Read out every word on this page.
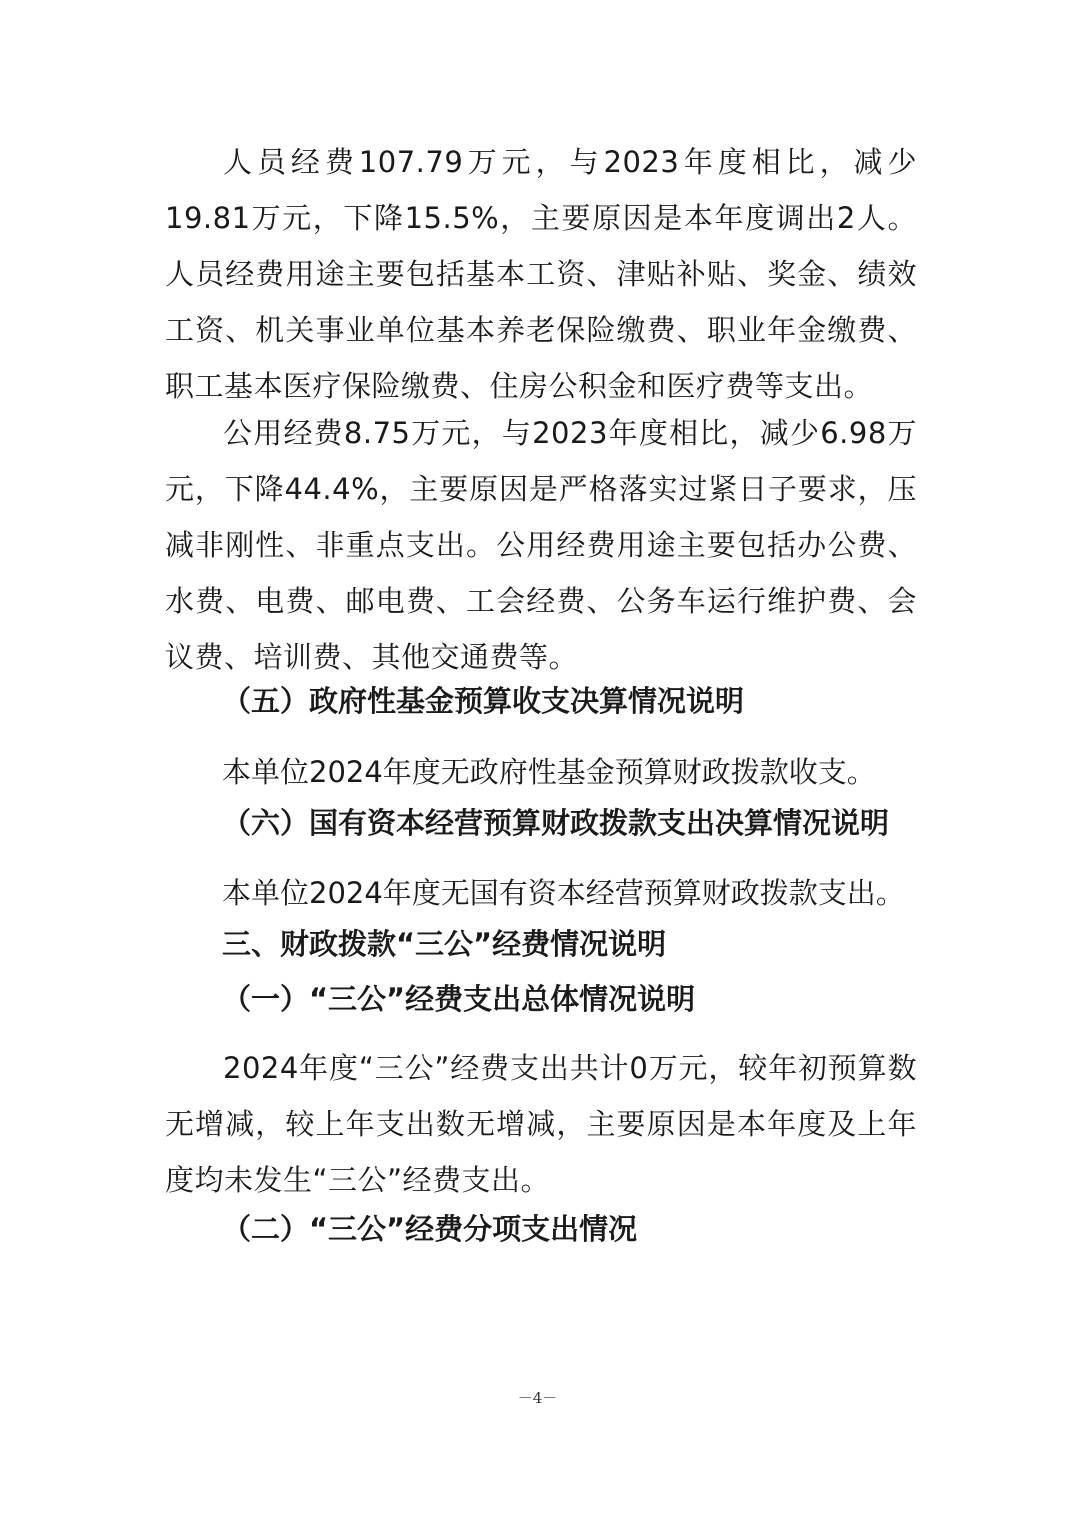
人员经费107.79万元，与2023年度相比，减少19.81万元，下降15.5%，主要原因是本年度调出2人。人员经费用途主要包括基本工资、津贴补贴、奖金、绩效工资、机关事业单位基本养老保险缴费、职业年金缴费、职工基本医疗保险缴费、住房公积金和医疗费等支出。

公用经费8.75万元，与2023年度相比，减少6.98万元，下降44.4%，主要原因是严格落实过紧日子要求，压减非刚性、非重点支出。公用经费用途主要包括办公费、水费、电费、邮电费、工会经费、公务车运行维护费、会议费、培训费、其他交通费等。

（五）政府性基金预算收支决算情况说明

本单位2024年度无政府性基金预算财政拨款收支。

（六）国有资本经营预算财政拨款支出决算情况说明

本单位2024年度无国有资本经营预算财政拨款支出。

三、财政拨款“三公”经费情况说明
（一）“三公”经费支出总体情况说明

2024年度“三公”经费支出共计0万元，较年初预算数无增减，较上年支出数无增减，主要原因是本年度及上年度均未发生“三公”经费支出。

（二）“三公”经费分项支出情况
－4－
